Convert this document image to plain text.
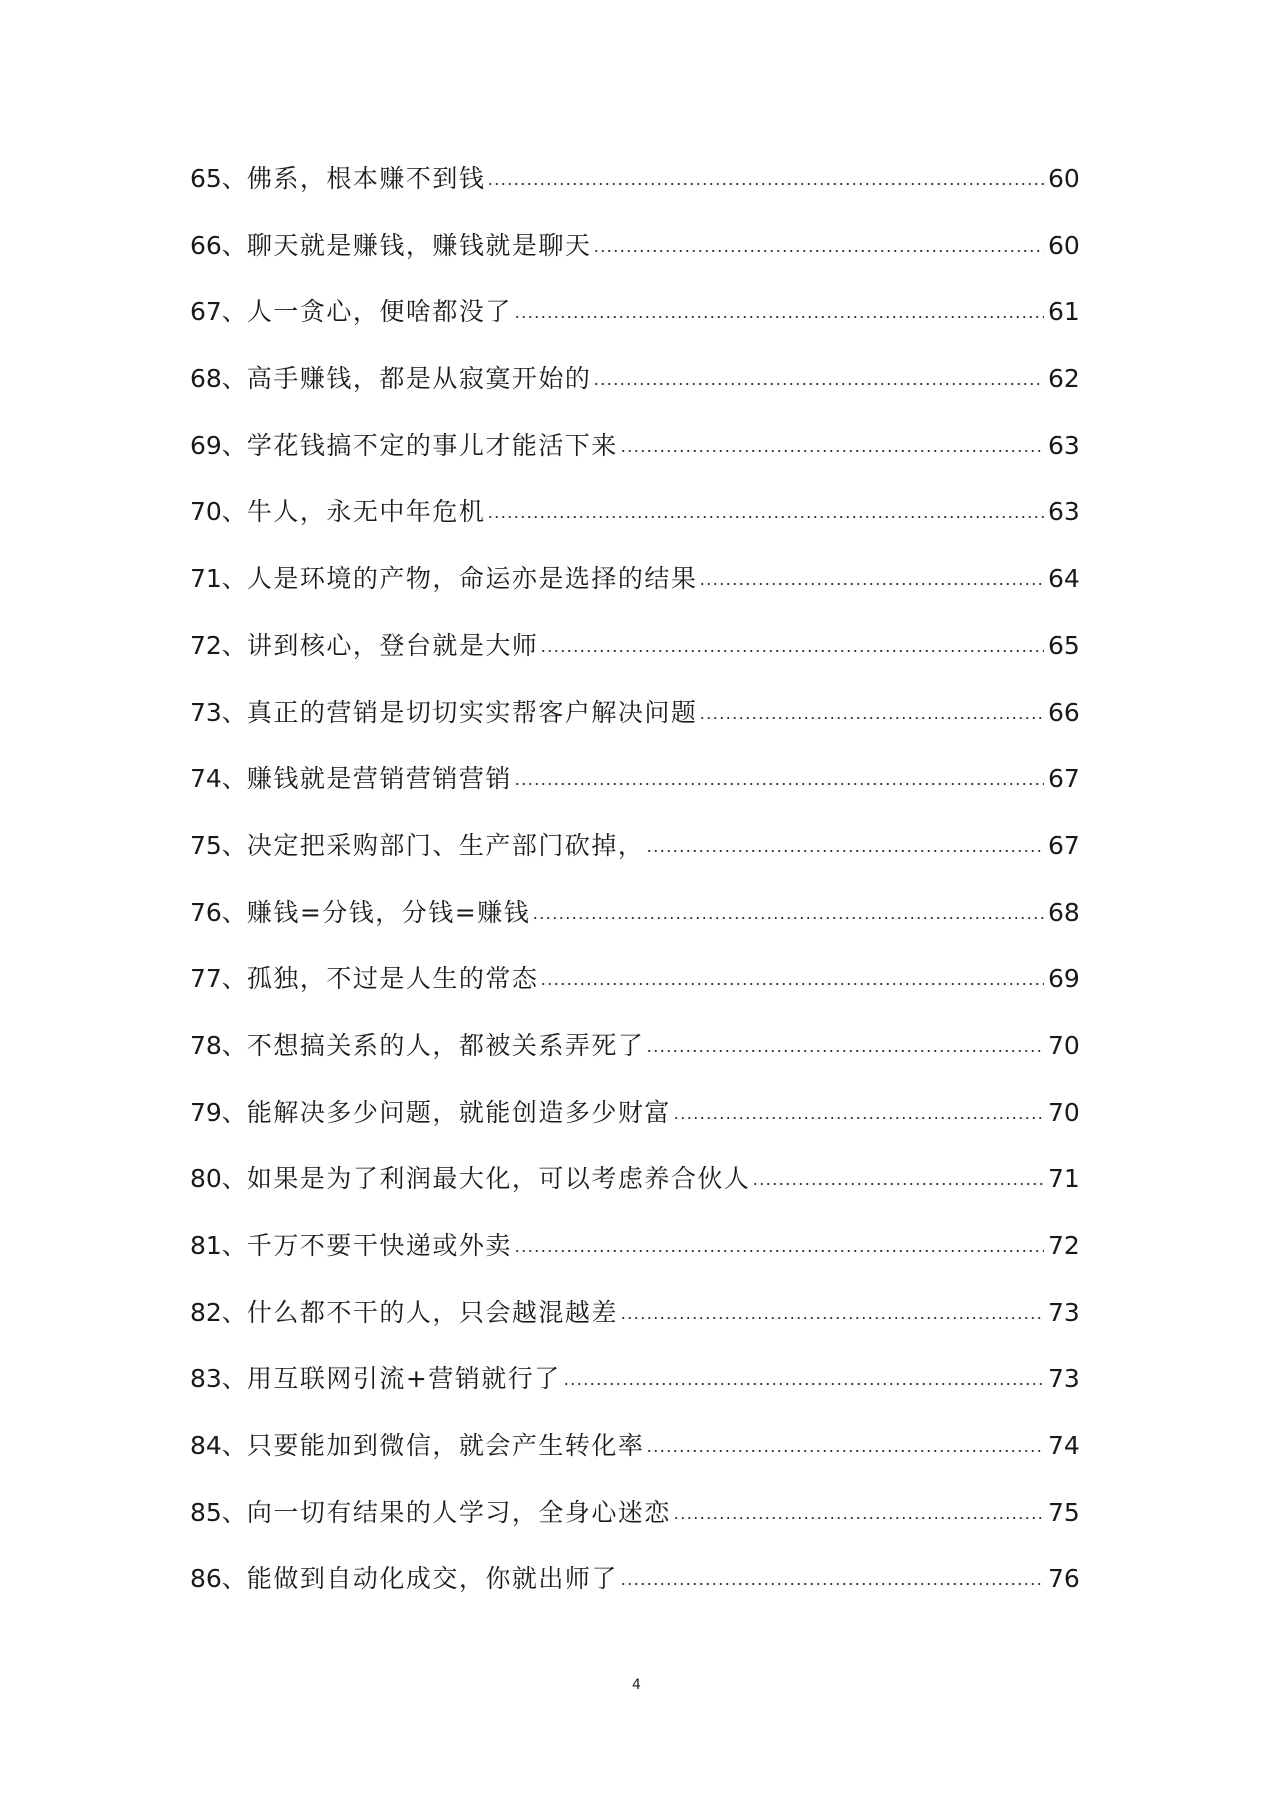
65、 佛系，根本赚不到钱	60
66、 聊天就是赚钱，赚钱就是聊天	60
67、 人一贪心，便啥都没了	61
68、 高手赚钱，都是从寂寞开始的	62
69、 学花钱搞不定的事儿才能活下来	63
70、 牛人，永无中年危机	63
71、 人是环境的产物，命运亦是选择的结果	64
72、 讲到核心，登台就是大师	65
73、 真正的营销是切切实实帮客户解决问题	66
74、 赚钱就是营销营销营销	67
75、 决定把采购部门、生产部门砍掉，	67
76、 赚钱=分钱，分钱=赚钱	68
77、 孤独，不过是人生的常态	69
78、 不想搞关系的人，都被关系弄死了	70
79、 能解决多少问题，就能创造多少财富	70
80、 如果是为了利润最大化，可以考虑养合伙人	71
81、 千万不要干快递或外卖	72
82、 什么都不干的人，只会越混越差	73
83、 用互联网引流+营销就行了	73
84、 只要能加到微信，就会产生转化率	74
85、 向一切有结果的人学习，全身心迷恋	75
86、 能做到自动化成交，你就出师了	76
4
